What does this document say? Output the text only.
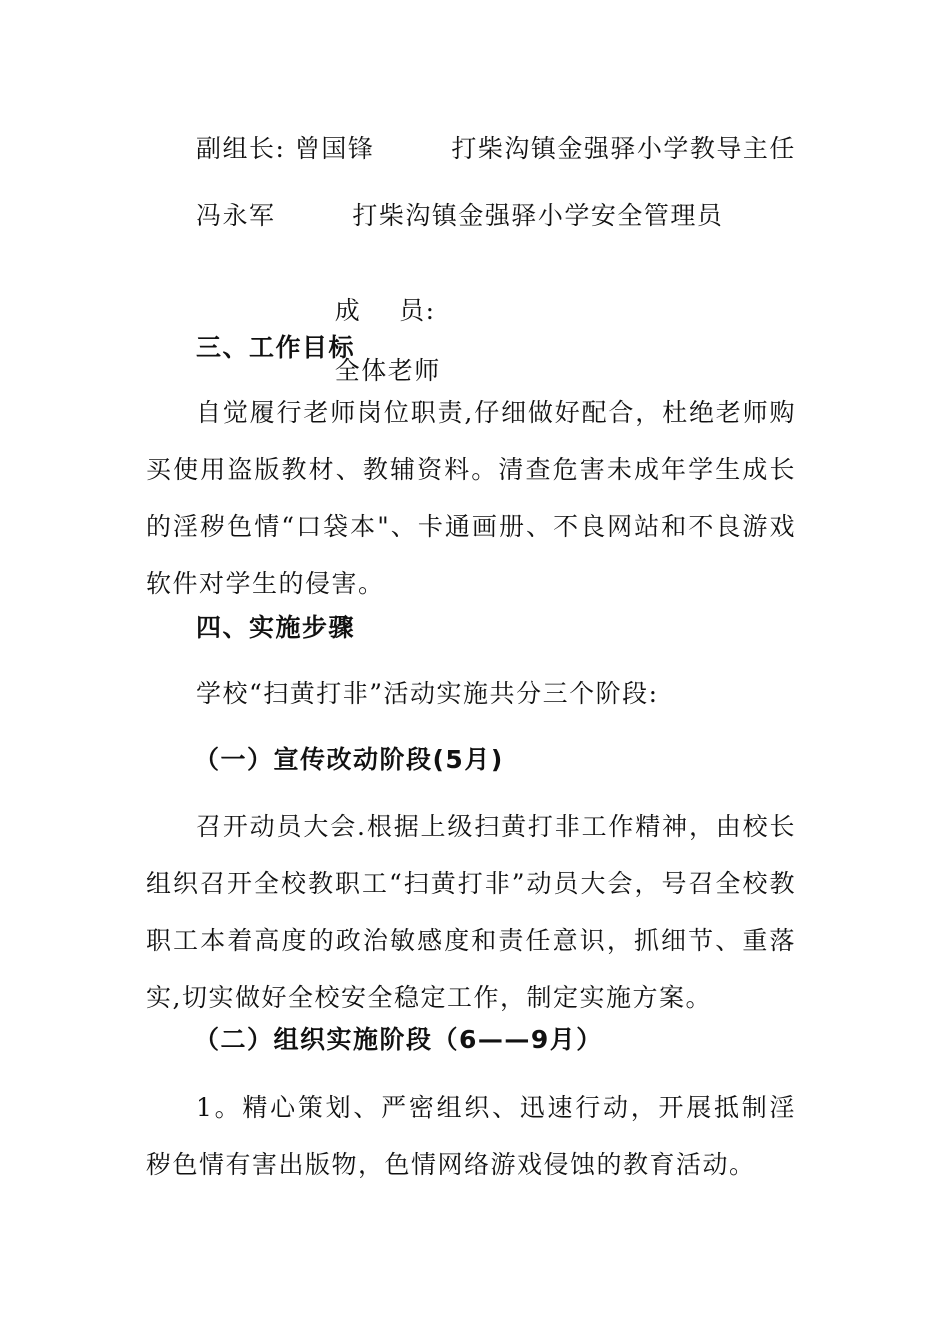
副组长: 曾国锋	打柴沟镇金强驿小学教导主任
冯永军	打柴沟镇金强驿小学安全管理员

成    员:

全体老师

三、工作目标
自觉履行老师岗位职责,仔细做好配合，杜绝老师购买使用盗版教材、教辅资料。清查危害未成年学生成长的淫秽色情“口袋本"、卡通画册、不良网站和不良游戏软件对学生的侵害。
四、实施步骤
学校“扫黄打非”活动实施共分三个阶段:
（一）宣传改动阶段(5月)
召开动员大会.根据上级扫黄打非工作精神，由校长组织召开全校教职工“扫黄打非”动员大会，号召全校教职工本着高度的政治敏感度和责任意识，抓细节、重落实,切实做好全校安全稳定工作，制定实施方案。
（二）组织实施阶段（6——9月）
1。精心策划、严密组织、迅速行动，开展抵制淫秽色情有害出版物，色情网络游戏侵蚀的教育活动。
